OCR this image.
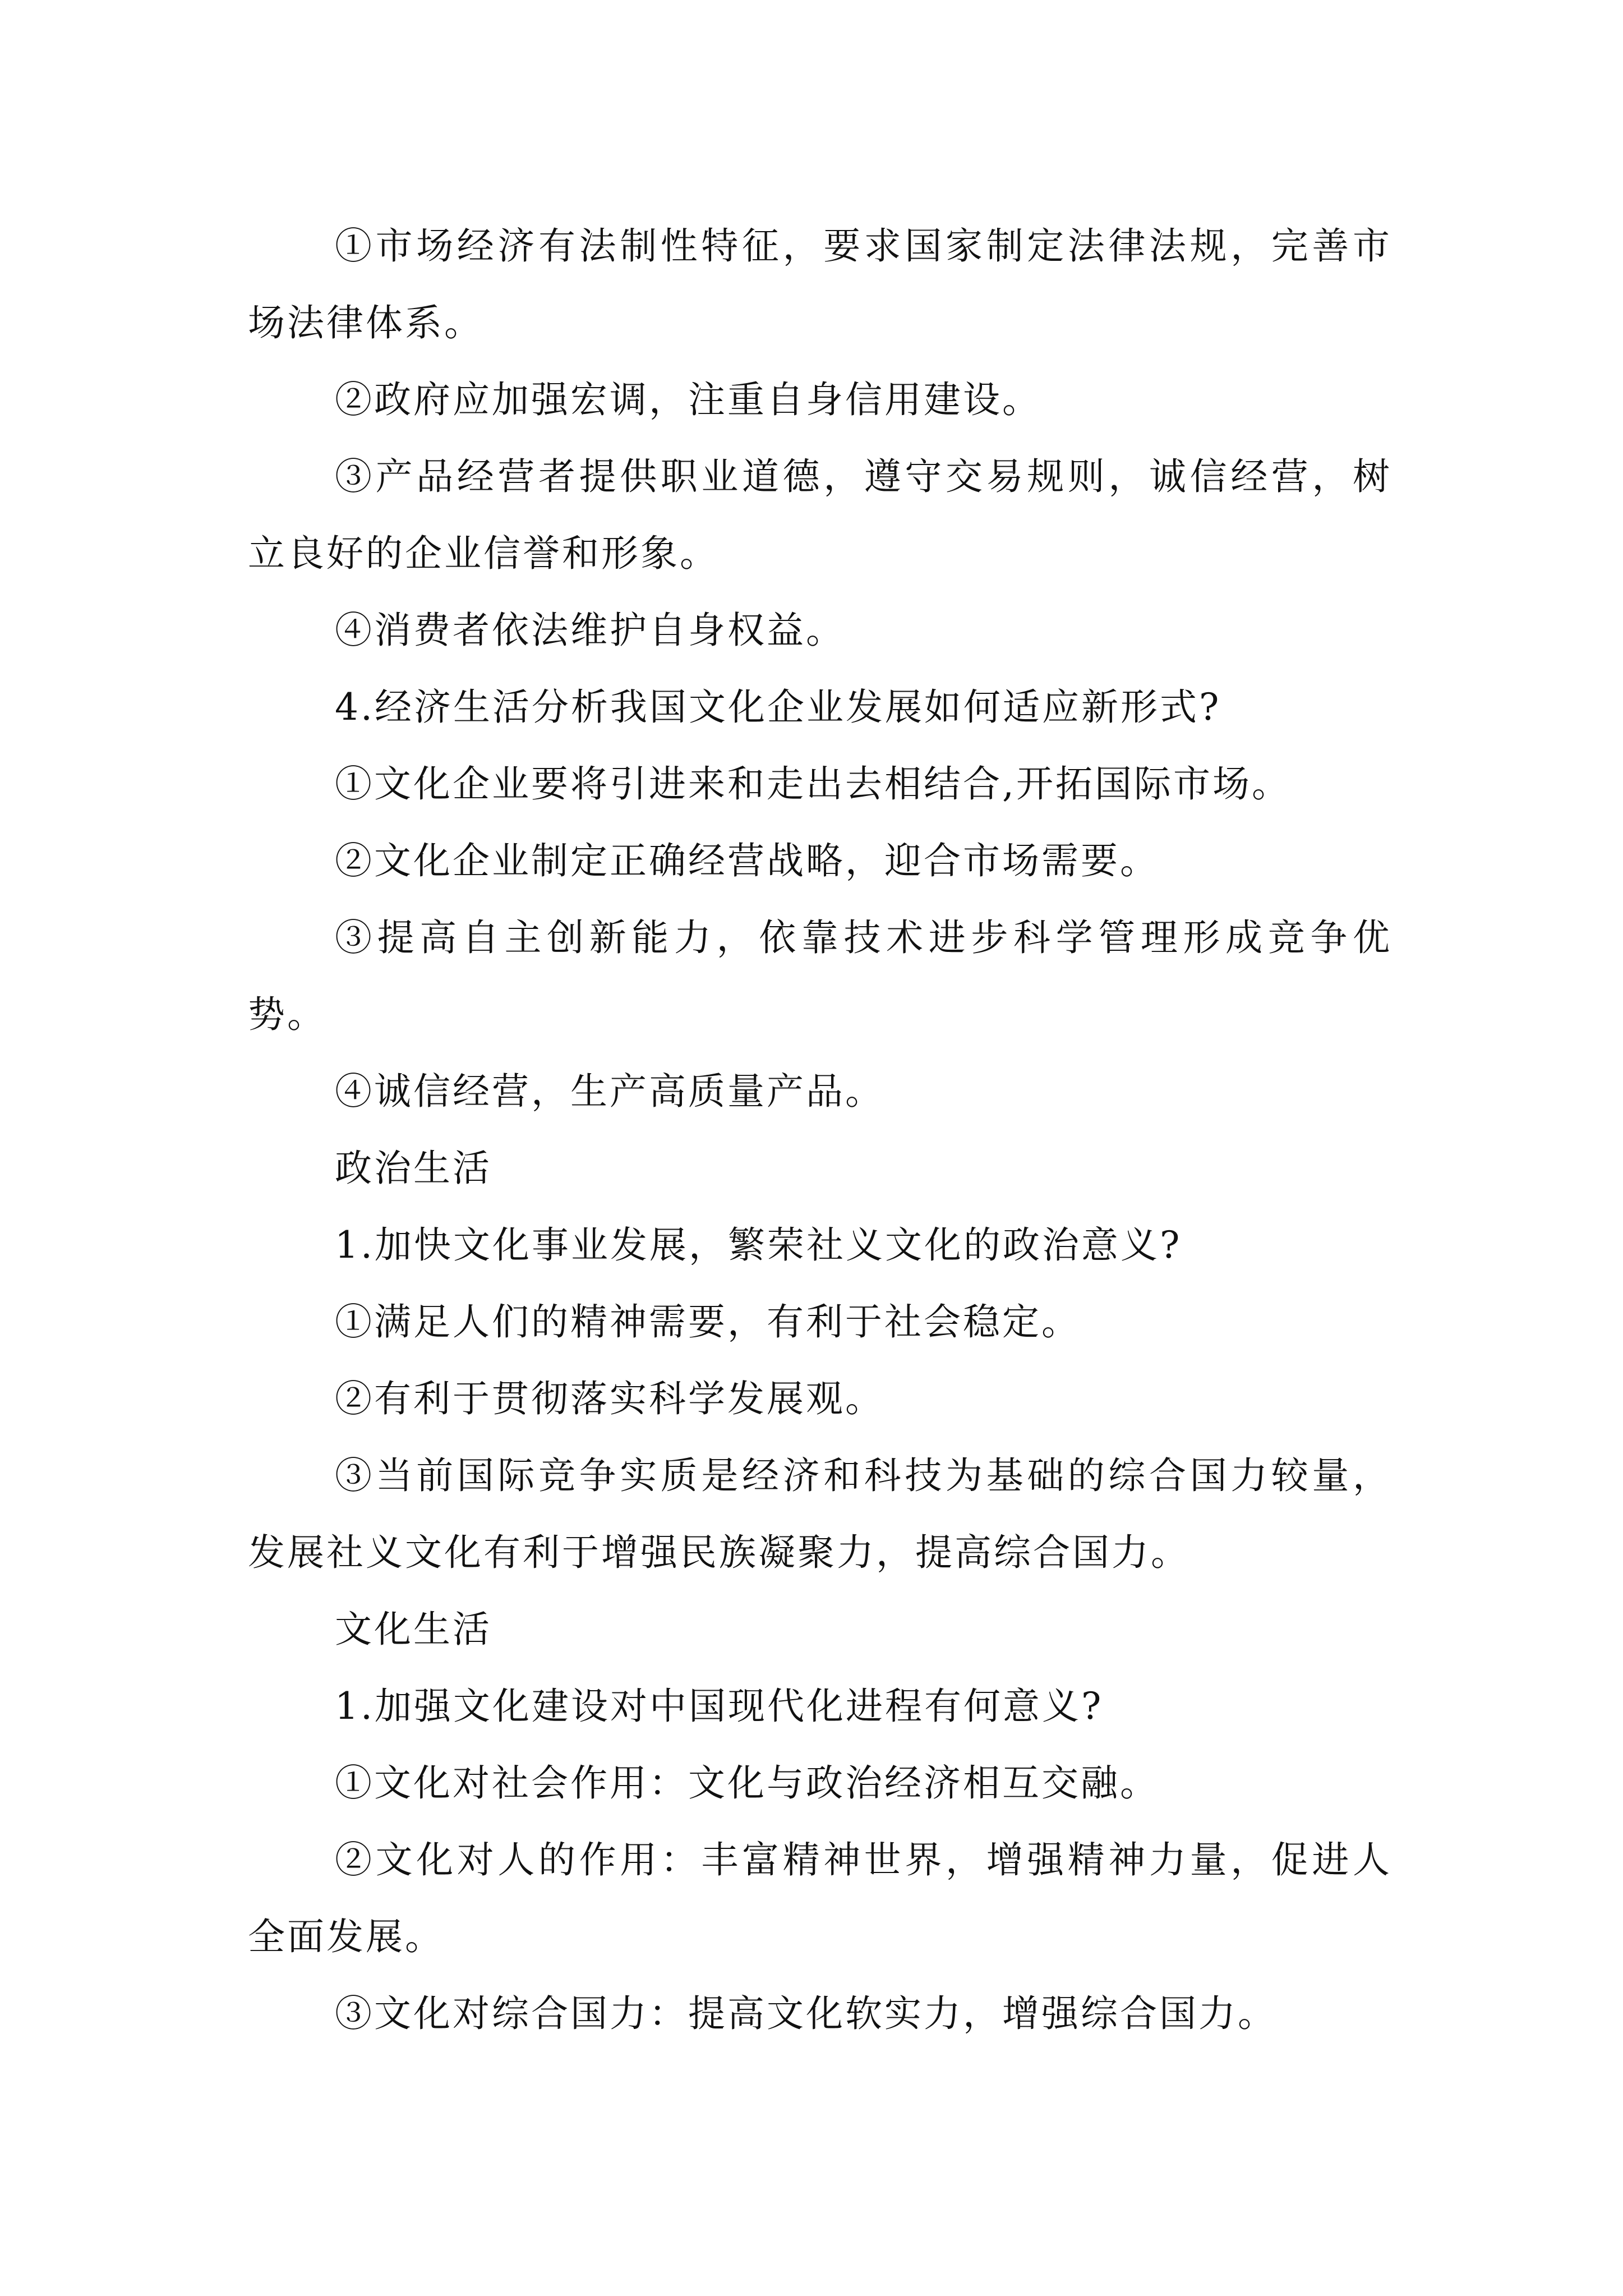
①市场经济有法制性特征，要求国家制定法律法规，完善市场法律体系。

②政府应加强宏调，注重自身信用建设。

③产品经营者提供职业道德，遵守交易规则，诚信经营，树立良好的企业信誉和形象。

④消费者依法维护自身权益。

4.经济生活分析我国文化企业发展如何适应新形式?

①文化企业要将引进来和走出去相结合,开拓国际市场。

②文化企业制定正确经营战略，迎合市场需要。

③提高自主创新能力，依靠技术进步科学管理形成竞争优势。

④诚信经营，生产高质量产品。

政治生活

1.加快文化事业发展，繁荣社义文化的政治意义?

①满足人们的精神需要，有利于社会稳定。

②有利于贯彻落实科学发展观。

③当前国际竞争实质是经济和科技为基础的综合国力较量，发展社义文化有利于增强民族凝聚力，提高综合国力。

文化生活

1.加强文化建设对中国现代化进程有何意义?

①文化对社会作用：文化与政治经济相互交融。

②文化对人的作用：丰富精神世界，增强精神力量，促进人全面发展。

③文化对综合国力：提高文化软实力，增强综合国力。
